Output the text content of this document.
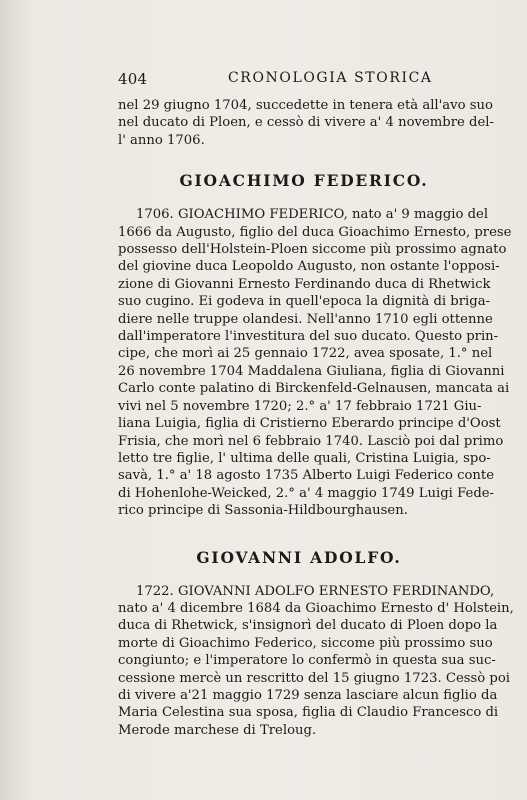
404	CRONOLOGIA STORICA

nel 29 giugno 1704, succedette in tenera età all'avo suo
nel ducato di Ploen, e cessò di vivere a' 4 novembre del-
l' anno 1706.

GIOACHIMO FEDERICO.

1706. GIOACHIMO FEDERICO, nato a' 9 maggio del
1666 da Augusto, figlio del duca Gioachimo Ernesto, prese
possesso dell'Holstein-Ploen siccome più prossimo agnato
del giovine duca Leopoldo Augusto, non ostante l'opposi-
zione di Giovanni Ernesto Ferdinando duca di Rhetwick
suo cugino. Ei godeva in quell'epoca la dignità di briga-
diere nelle truppe olandesi. Nell'anno 1710 egli ottenne
dall'imperatore l'investitura del suo ducato. Questo prin-
cipe, che morì ai 25 gennaio 1722, avea sposate, 1.° nel
26 novembre 1704 Maddalena Giuliana, figlia di Giovanni
Carlo conte palatino di Birckenfeld-Gelnausen, mancata ai
vivi nel 5 novembre 1720; 2.° a' 17 febbraio 1721 Giu-
liana Luigia, figlia di Cristierno Eberardo principe d'Oost
Frisia, che morì nel 6 febbraio 1740. Lasciò poi dal primo
letto tre figlie, l' ultima delle quali, Cristina Luigia, spo-
savà, 1.° a' 18 agosto 1735 Alberto Luigi Federico conte
di Hohenlohe-Weicked, 2.° a' 4 maggio 1749 Luigi Fede-
rico principe di Sassonia-Hildbourghausen.

GIOVANNI ADOLFO.

1722. GIOVANNI ADOLFO ERNESTO FERDINANDO,
nato a' 4 dicembre 1684 da Gioachimo Ernesto d' Holstein,
duca di Rhetwick, s'insignorì del ducato di Ploen dopo la
morte di Gioachimo Federico, siccome più prossimo suo
congiunto; e l'imperatore lo confermò in questa sua suc-
cessione mercè un rescritto del 15 giugno 1723. Cessò poi
di vivere a'21 maggio 1729 senza lasciare alcun figlio da
Maria Celestina sua sposa, figlia di Claudio Francesco di
Merode marchese di Treloug.
